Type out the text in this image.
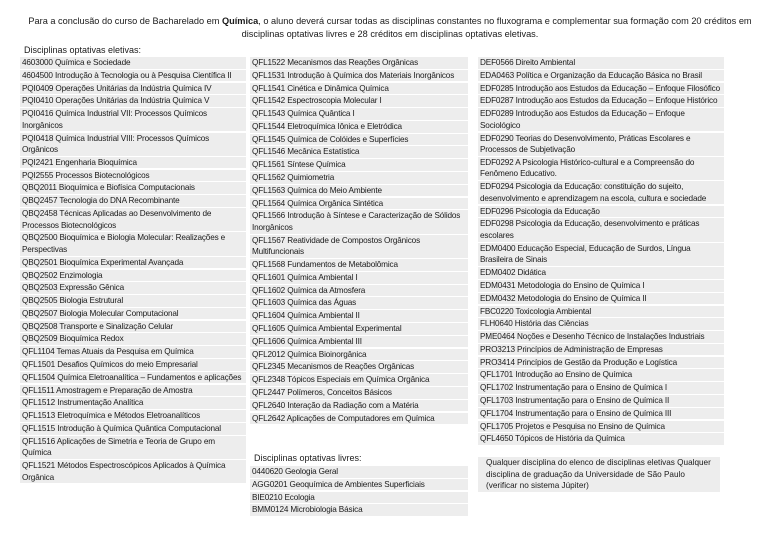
Para a conclusão do curso de Bacharelado em Química, o aluno deverá cursar todas as disciplinas constantes no fluxograma e complementar sua formação com 20 créditos em disciplinas optativas livres e 28 créditos em disciplinas optativas eletivas.
Disciplinas optativas eletivas:
4603000 Química e Sociedade
4604500 Introdução à Tecnologia ou à Pesquisa Científica II
PQI0409 Operações Unitárias da Indústria Química IV
PQI0410 Operações Unitárias da Indústria Química V
PQI0416 Química Industrial VII: Processos Químicos Inorgânicos
PQI0418 Química Industrial VIII: Processos Químicos Orgânicos
PQI2421 Engenharia Bioquímica
PQI2555 Processos Biotecnológicos
QBQ2011 Bioquímica e Biofísica Computacionais
QBQ2457 Tecnologia do DNA Recombinante
QBQ2458 Técnicas Aplicadas ao Desenvolvimento de Processos Biotecnológicos
QBQ2500 Bioquímica e Biologia Molecular: Realizações e Perspectivas
QBQ2501 Bioquímica Experimental Avançada
QBQ2502 Enzimologia
QBQ2503 Expressão Gênica
QBQ2505 Biologia Estrutural
QBQ2507 Biologia Molecular Computacional
QBQ2508 Transporte e Sinalização Celular
QBQ2509 Bioquímica Redox
QFL1104 Temas Atuais da Pesquisa em Química
QFL1501 Desafios Químicos do meio Empresarial
QFL1504 Química Eletroanalítica – Fundamentos e aplicações
QFL1511 Amostragem e Preparação de Amostra
QFL1512 Instrumentação Analítica
QFL1513 Eletroquímica e Métodos Eletroanalíticos
QFL1515 Introdução à Química Quântica Computacional
QFL1516 Aplicações de Simetria e Teoria de Grupo em Química
QFL1521 Métodos Espectroscópicos Aplicados à Química Orgânica
QFL1522 Mecanismos das Reações Orgânicas
QFL1531 Introdução à Química dos Materiais Inorgânicos
QFL1541 Cinética e Dinâmica Química
QFL1542 Espectroscopia Molecular I
QFL1543 Química Quântica I
QFL1544 Eletroquímica Iônica e Eletródica
QFL1545 Química de Colóides e Superfícies
QFL1546 Mecânica Estatística
QFL1561 Síntese Química
QFL1562 Quimiometria
QFL1563 Química do Meio Ambiente
QFL1564 Química Orgânica Sintética
QFL1566 Introdução à Síntese e Caracterização de Sólidos Inorgânicos
QFL1567 Reatividade de Compostos Orgânicos Multifuncionais
QFL1568 Fundamentos de Metabolômica
QFL1601 Química Ambiental I
QFL1602 Química da Atmosfera
QFL1603 Química das Águas
QFL1604 Química Ambiental II
QFL1605 Química Ambiental Experimental
QFL1606 Química Ambiental III
QFL2012 Química Bioinorgânica
QFL2345 Mecanismos de Reações Orgânicas
QFL2348 Tópicos Especiais em Química Orgânica
QFL2447 Polímeros, Conceitos Básicos
QFL2640 Interação da Radiação com a Matéria
QFL2642 Aplicações de Computadores em Química
DEF0566 Direito Ambiental
EDA0463 Política e Organização da Educação Básica no Brasil
EDF0285 Introdução aos Estudos da Educação – Enfoque Filosófico
EDF0287 Introdução aos Estudos da Educação – Enfoque Histórico
EDF0289 Introdução aos Estudos da Educação – Enfoque Sociológico
EDF0290 Teorias do Desenvolvimento, Práticas Escolares e Processos de Subjetivação
EDF0292 A Psicologia Histórico-cultural e a Compreensão do Fenômeno Educativo.
EDF0294 Psicologia da Educação: constituição do sujeito, desenvolvimento e aprendizagem na escola, cultura e sociedade
EDF0296 Psicologia da Educação
EDF0298 Psicologia da Educação, desenvolvimento e práticas escolares
EDM0400 Educação Especial, Educação de Surdos, Língua Brasileira de Sinais
EDM0402 Didática
EDM0431 Metodologia do Ensino de Química I
EDM0432 Metodologia do Ensino de Química II
FBC0220 Toxicologia Ambiental
FLH0640 História das Ciências
PME0464 Noções e Desenho Técnico de Instalações Industriais
PRO3213 Princípios de Administração de Empresas
PRO3414 Princípios de Gestão da Produção e Logística
QFL1701 Introdução ao Ensino de Química
QFL1702 Instrumentação para o Ensino de Química I
QFL1703 Instrumentação para o Ensino de Química II
QFL1704 Instrumentação para o Ensino de Química III
QFL1705 Projetos e Pesquisa no Ensino de Química
QFL4650 Tópicos de História da Química
Disciplinas optativas livres:
0440620 Geologia Geral
AGG0201 Geoquímica de Ambientes Superficiais
BIE0210 Ecologia
BMM0124 Microbiologia Básica
Qualquer disciplina do elenco de disciplinas eletivas Qualquer disciplina de graduação da Universidade de São Paulo (verificar no sistema Júpiter)
